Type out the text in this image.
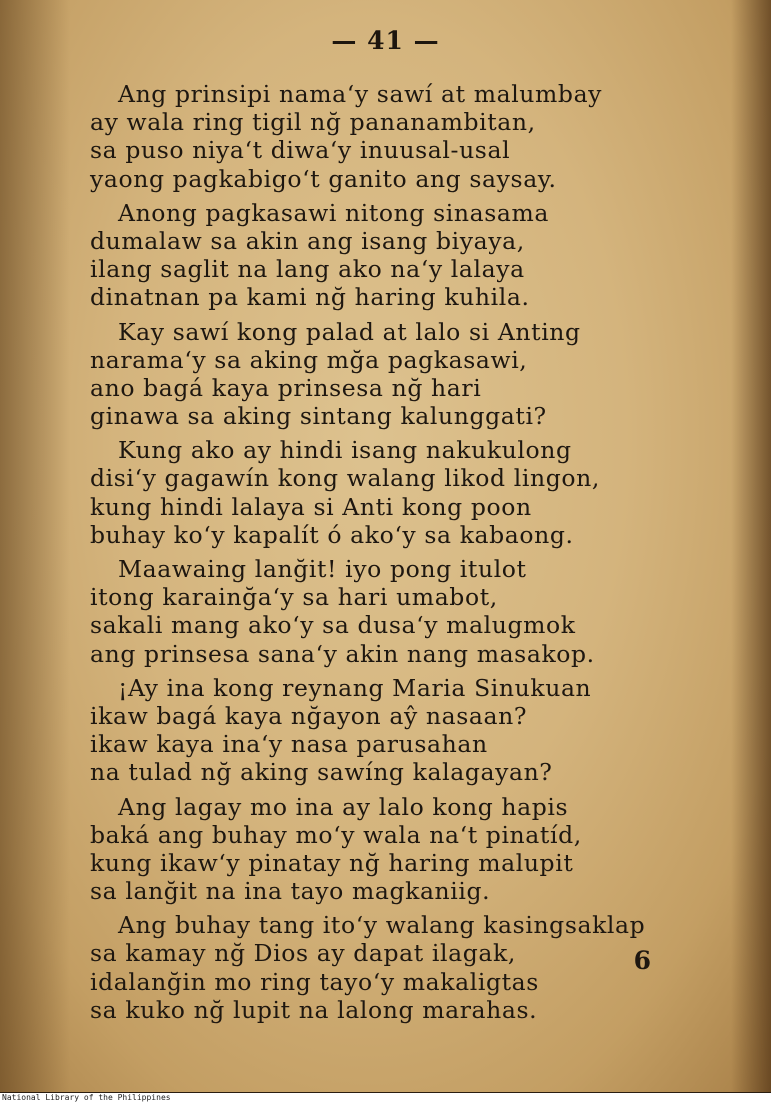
— 41 —
Ang prinsipi nama‘y sawí at malumbay
ay wala ring tigil nğ pananambitan,
sa puso niya‘t diwa‘y inuusal-usal
yaong pagkabigo‘t ganito ang saysay.
Anong pagkasawi nitong sinasama
dumalaw sa akin ang isang biyaya,
ilang saglit na lang ako na‘y lalaya
dinatnan pa kami nğ haring kuhila.
Kay sawí kong palad at lalo si Anting
narama‘y sa aking mğa pagkasawi,
ano bagá kaya prinsesa nğ hari
ginawa sa aking sintang kalunggati?
Kung ako ay hindi isang nakukulong
disi‘y gagawín kong walang likod lingon,
kung hindi lalaya si Anti kong poon
buhay ko‘y kapalít ó ako‘y sa kabaong.
Maawaing lanğit! iyo pong itulot
itong karainğa‘y sa hari umabot,
sakali mang ako‘y sa dusa‘y malugmok
ang prinsesa sana‘y akin nang masakop.
¡Ay ina kong reynang Maria Sinukuan
ikaw bagá kaya nğayon aŷ nasaan?
ikaw kaya ina‘y nasa parusahan
na tulad nğ aking sawíng kalagayan?
Ang lagay mo ina ay lalo kong hapis
baká ang buhay mo‘y wala na‘t pinatíd,
kung ikaw‘y pinatay nğ haring malupit
sa lanğit na ina tayo magkaniig.
Ang buhay tang ito‘y walang kasingsaklap
sa kamay nğ Dios ay dapat ilagak,
idalanğin mo ring tayo‘y makaligtas
sa kuko nğ lupit na lalong marahas.
6
National Library of the Philippines
